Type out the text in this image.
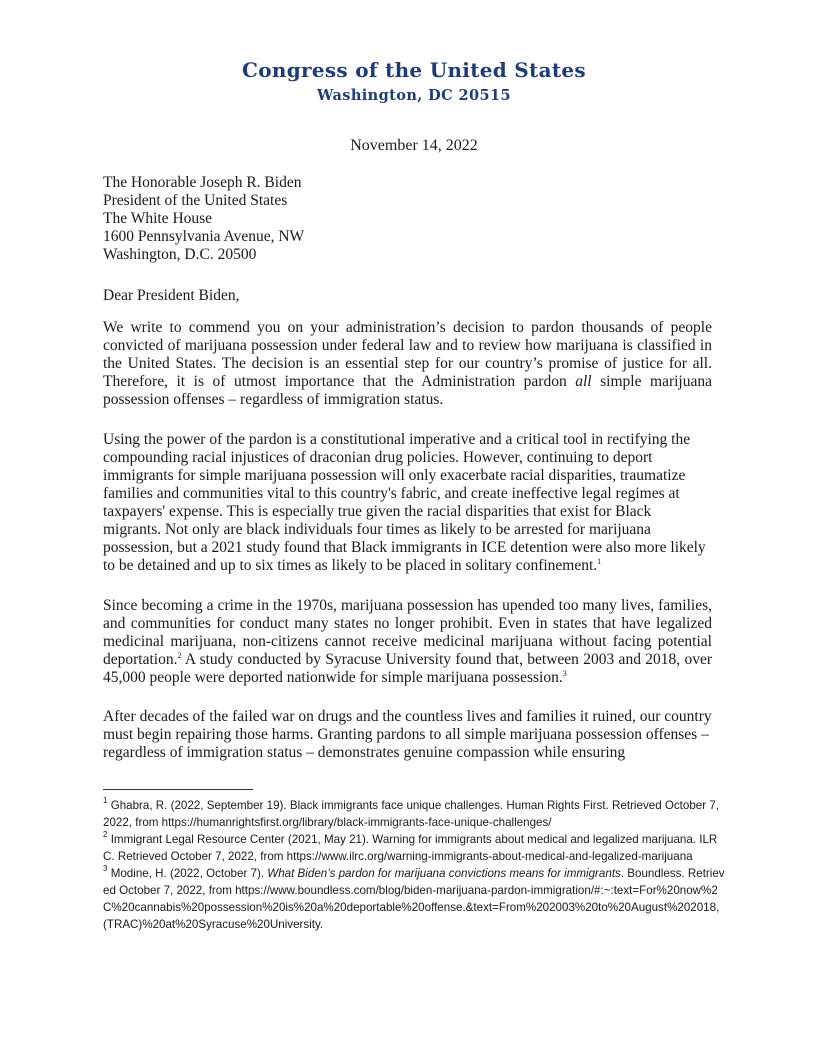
Congress of the United States
Washington, DC 20515
November 14, 2022
The Honorable Joseph R. Biden
President of the United States
The White House
1600 Pennsylvania Avenue, NW
Washington, D.C. 20500
Dear President Biden,
We write to commend you on your administration’s decision to pardon thousands of people convicted of marijuana possession under federal law and to review how marijuana is classified in the United States. The decision is an essential step for our country’s promise of justice for all. Therefore, it is of utmost importance that the Administration pardon all simple marijuana possession offenses – regardless of immigration status.
Using the power of the pardon is a constitutional imperative and a critical tool in rectifying the compounding racial injustices of draconian drug policies. However, continuing to deport immigrants for simple marijuana possession will only exacerbate racial disparities, traumatize families and communities vital to this country's fabric, and create ineffective legal regimes at taxpayers' expense. This is especially true given the racial disparities that exist for Black migrants. Not only are black individuals four times as likely to be arrested for marijuana possession, but a 2021 study found that Black immigrants in ICE detention were also more likely to be detained and up to six times as likely to be placed in solitary confinement.$^1$
Since becoming a crime in the 1970s, marijuana possession has upended too many lives, families, and communities for conduct many states no longer prohibit. Even in states that have legalized medicinal marijuana, non-citizens cannot receive medicinal marijuana without facing potential deportation.$^2$ A study conducted by Syracuse University found that, between 2003 and 2018, over 45,000 people were deported nationwide for simple marijuana possession.$^3$
After decades of the failed war on drugs and the countless lives and families it ruined, our country must begin repairing those harms. Granting pardons to all simple marijuana possession offenses – regardless of immigration status – demonstrates genuine compassion while ensuring

$^1$ Ghabra, R. (2022, September 19). Black immigrants face unique challenges. Human Rights First. Retrieved October 7, 2022, from https://humanrightsfirst.org/library/black-immigrants-face-unique-challenges/

$^2$ Immigrant Legal Resource Center (2021, May 21). Warning for immigrants about medical and legalized marijuana. ILRC. Retrieved October 7, 2022, from https://www.ilrc.org/warning-immigrants-about-medical-and-legalized-marijuana

$^3$ Modine, H. (2022, October 7). What Biden’s pardon for marijuana convictions means for immigrants. Boundless. Retrieved October 7, 2022, from https://www.boundless.com/blog/biden-marijuana-pardon-immigration/#:~:text=For%20now%2C%20cannabis%20possession%20is%20a%20deportable%20offense.&text=From%202003%20to%20August%202018,(TRAC)%20at%20Syracuse%20University.
